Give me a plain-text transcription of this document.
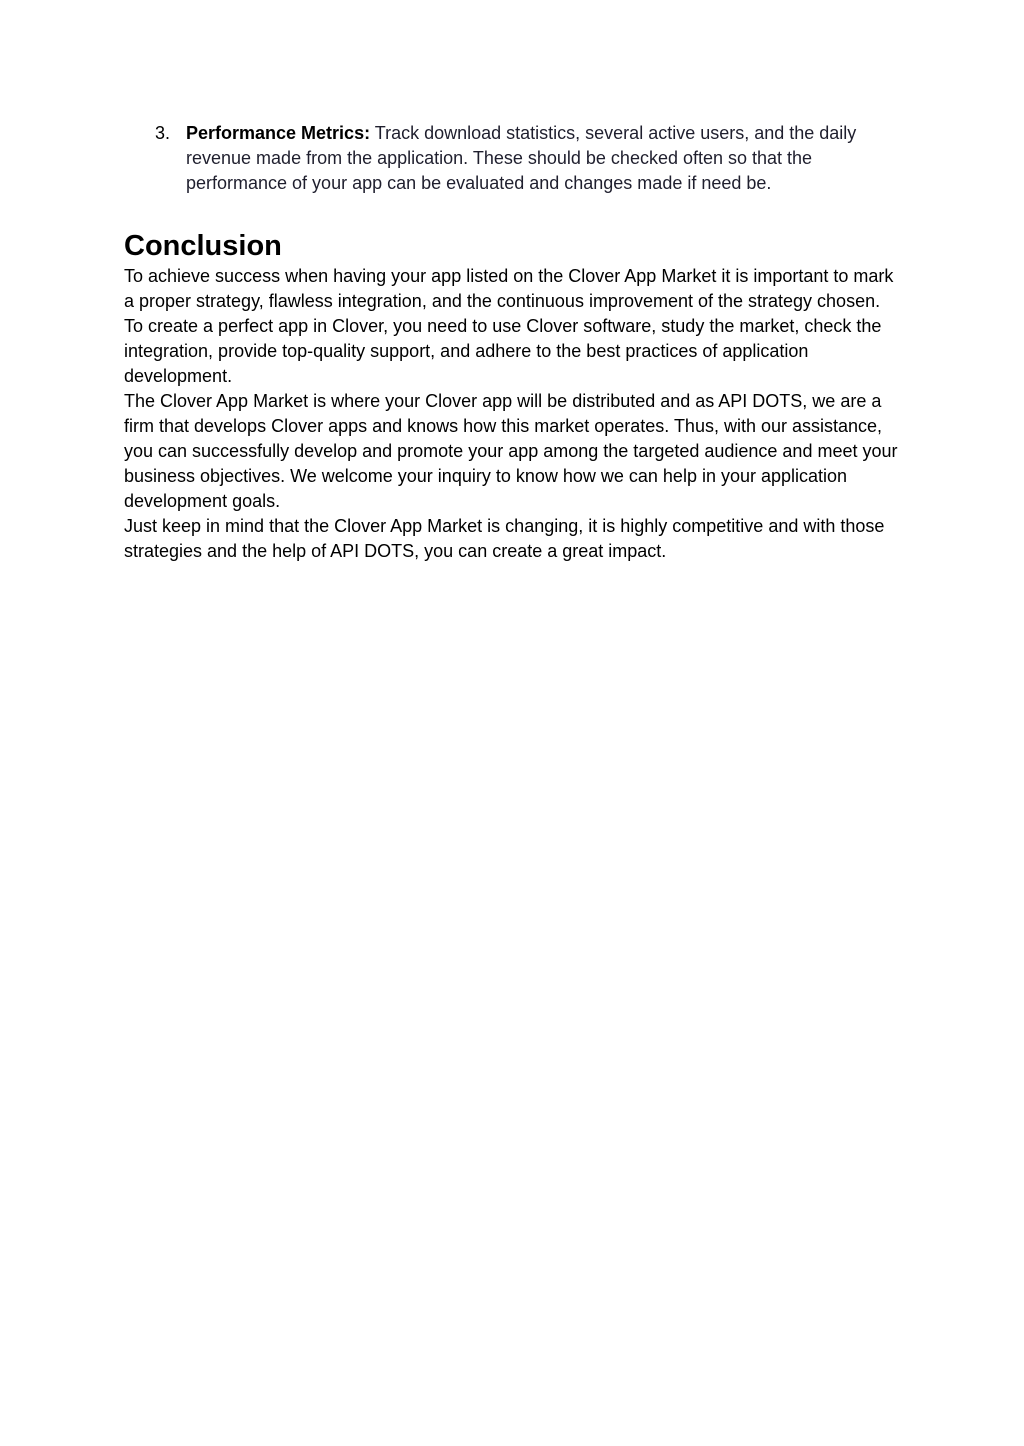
3. Performance Metrics: Track download statistics, several active users, and the daily revenue made from the application. These should be checked often so that the performance of your app can be evaluated and changes made if need be.
Conclusion

To achieve success when having your app listed on the Clover App Market it is important to mark a proper strategy, flawless integration, and the continuous improvement of the strategy chosen. To create a perfect app in Clover, you need to use Clover software, study the market, check the integration, provide top-quality support, and adhere to the best practices of application development.

The Clover App Market is where your Clover app will be distributed and as API DOTS, we are a firm that develops Clover apps and knows how this market operates. Thus, with our assistance, you can successfully develop and promote your app among the targeted audience and meet your business objectives. We welcome your inquiry to know how we can help in your application development goals.

Just keep in mind that the Clover App Market is changing, it is highly competitive and with those strategies and the help of API DOTS, you can create a great impact.
